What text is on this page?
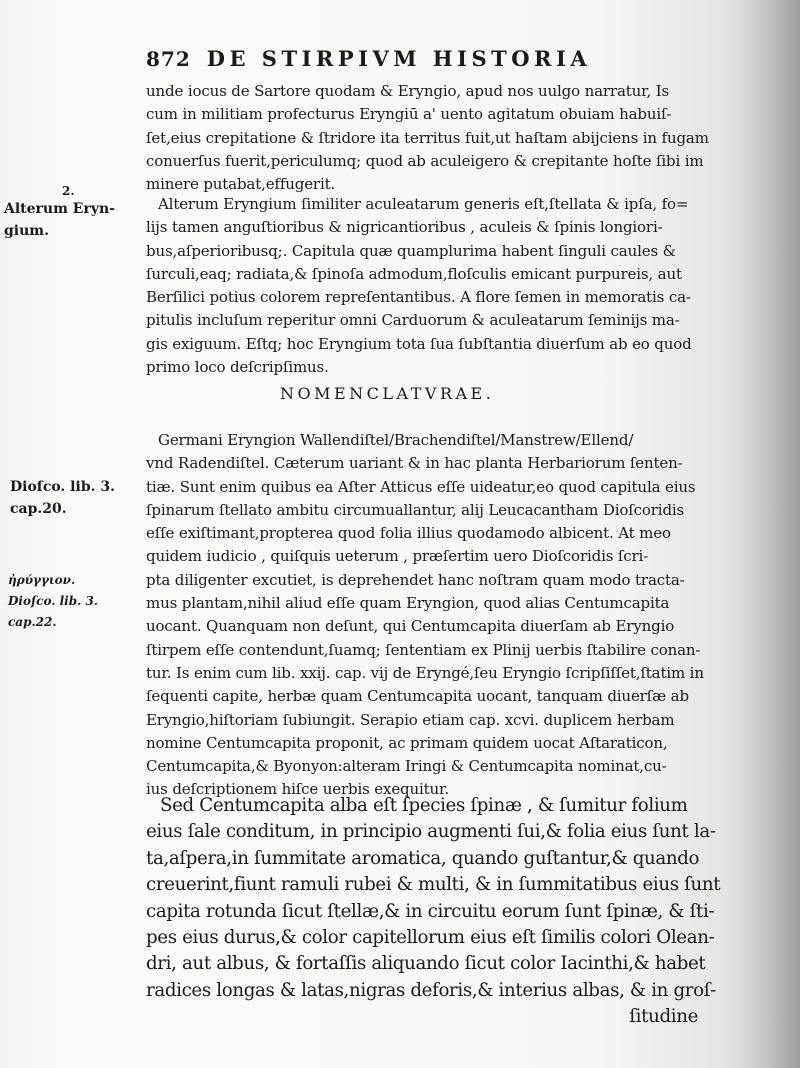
872 DE STIRPIVM HISTORIA
unde iocus de Sartore quodam & Eryngio, apud nos uulgo narratur, Is
cum in militiam profecturus Eryngiū a' uento agitatum obuiam habuiſ-
ſet,eius crepitatione & ſtridore ita territus fuit,ut haſtam abijciens in fugam
conuerſus fuerit,periculumq; quod ab aculeigero & crepitante hoſte ſibi im
minere putabat,effugerit.
Alterum Eryngium ſimiliter aculeatarum generis eſt,ſtellata & ipſa, fo=
lijs tamen anguſtioribus & nigricantioribus , aculeis & ſpinis longiori-
bus,aſperioribusq;. Capitula quæ quamplurima habent ſinguli caules &
ſurculi,eaq; radiata,& ſpinoſa admodum,floſculis emicant purpureis, aut
Berſilici potius colorem repreſentantibus. A flore ſemen in memoratis ca-
pitulis incluſum reperitur omni Carduorum & aculeatarum ſeminijs ma-
gis exiguum. Eſtq; hoc Eryngium tota ſua ſubſtantia diuerſum ab eo quod
primo loco deſcripſimus.
NOMENCLATVRAE.
Germani Eryngion Wallendiſtel/Brachendiſtel/Manstrew/Ellend/
vnd Radendiſtel. Cæterum uariant & in hac planta Herbariorum ſenten-
tiæ. Sunt enim quibus ea Aſter Atticus eſſe uideatur,eo quod capitula eius
ſpinarum ſtellato ambitu circumuallantur, alij Leucacantham Dioſcoridis
eſſe exiſtimant,propterea quod folia illius quodamodo albicent. At meo
quidem iudicio , quiſquis ueterum , præſertim uero Dioſcoridis ſcri-
pta diligenter excutiet, is deprehendet hanc noſtram quam modo tracta-
mus plantam,nihil aliud eſſe quam Eryngion, quod alias Centumcapita
uocant. Quanquam non deſunt, qui Centumcapita diuerſam ab Eryngio
ſtirpem eſſe contendunt,ſuamq; ſententiam ex Plinij uerbis ſtabilire conan-
tur. Is enim cum lib. xxij. cap. vij de Eryngé,ſeu Eryngio ſcripſiſſet,ſtatim in
ſequenti capite, herbæ quam Centumcapita uocant, tanquam diuerſæ ab
Eryngio,hiſtoriam ſubiungit. Serapio etiam cap. xcvi. duplicem herbam
nomine Centumcapita proponit, ac primam quidem uocat Aſtaraticon,
Centumcapita,& Byonyon:alteram Iringi & Centumcapita nominat,cu-
ius deſcriptionem hiſce uerbis exequitur.
Sed Centumcapita alba eſt ſpecies ſpinæ , & ſumitur folium
eius ſale conditum, in principio augmenti ſui,& folia eius ſunt la-
ta,aſpera,in ſummitate aromatica, quando guſtantur,& quando
creuerint,fiunt ramuli rubei & multi, & in ſummitatibus eius ſunt
capita rotunda ſicut ſtellæ,& in circuitu eorum ſunt ſpinæ, & ſti-
pes eius durus,& color capitellorum eius eſt ſimilis colori Olean-
dri, aut albus, & fortaſſis aliquando ſicut color Iacinthi,& habet
radices longas & latas,nigras deforis,& interius albas, & in groſ-
ſitudine
2.
Alterum Eryn-
gium.
Dioſco. lib. 3.
cap.20.
ἠρύγγιον.
Dioſco. lib. 3.
cap.22.
